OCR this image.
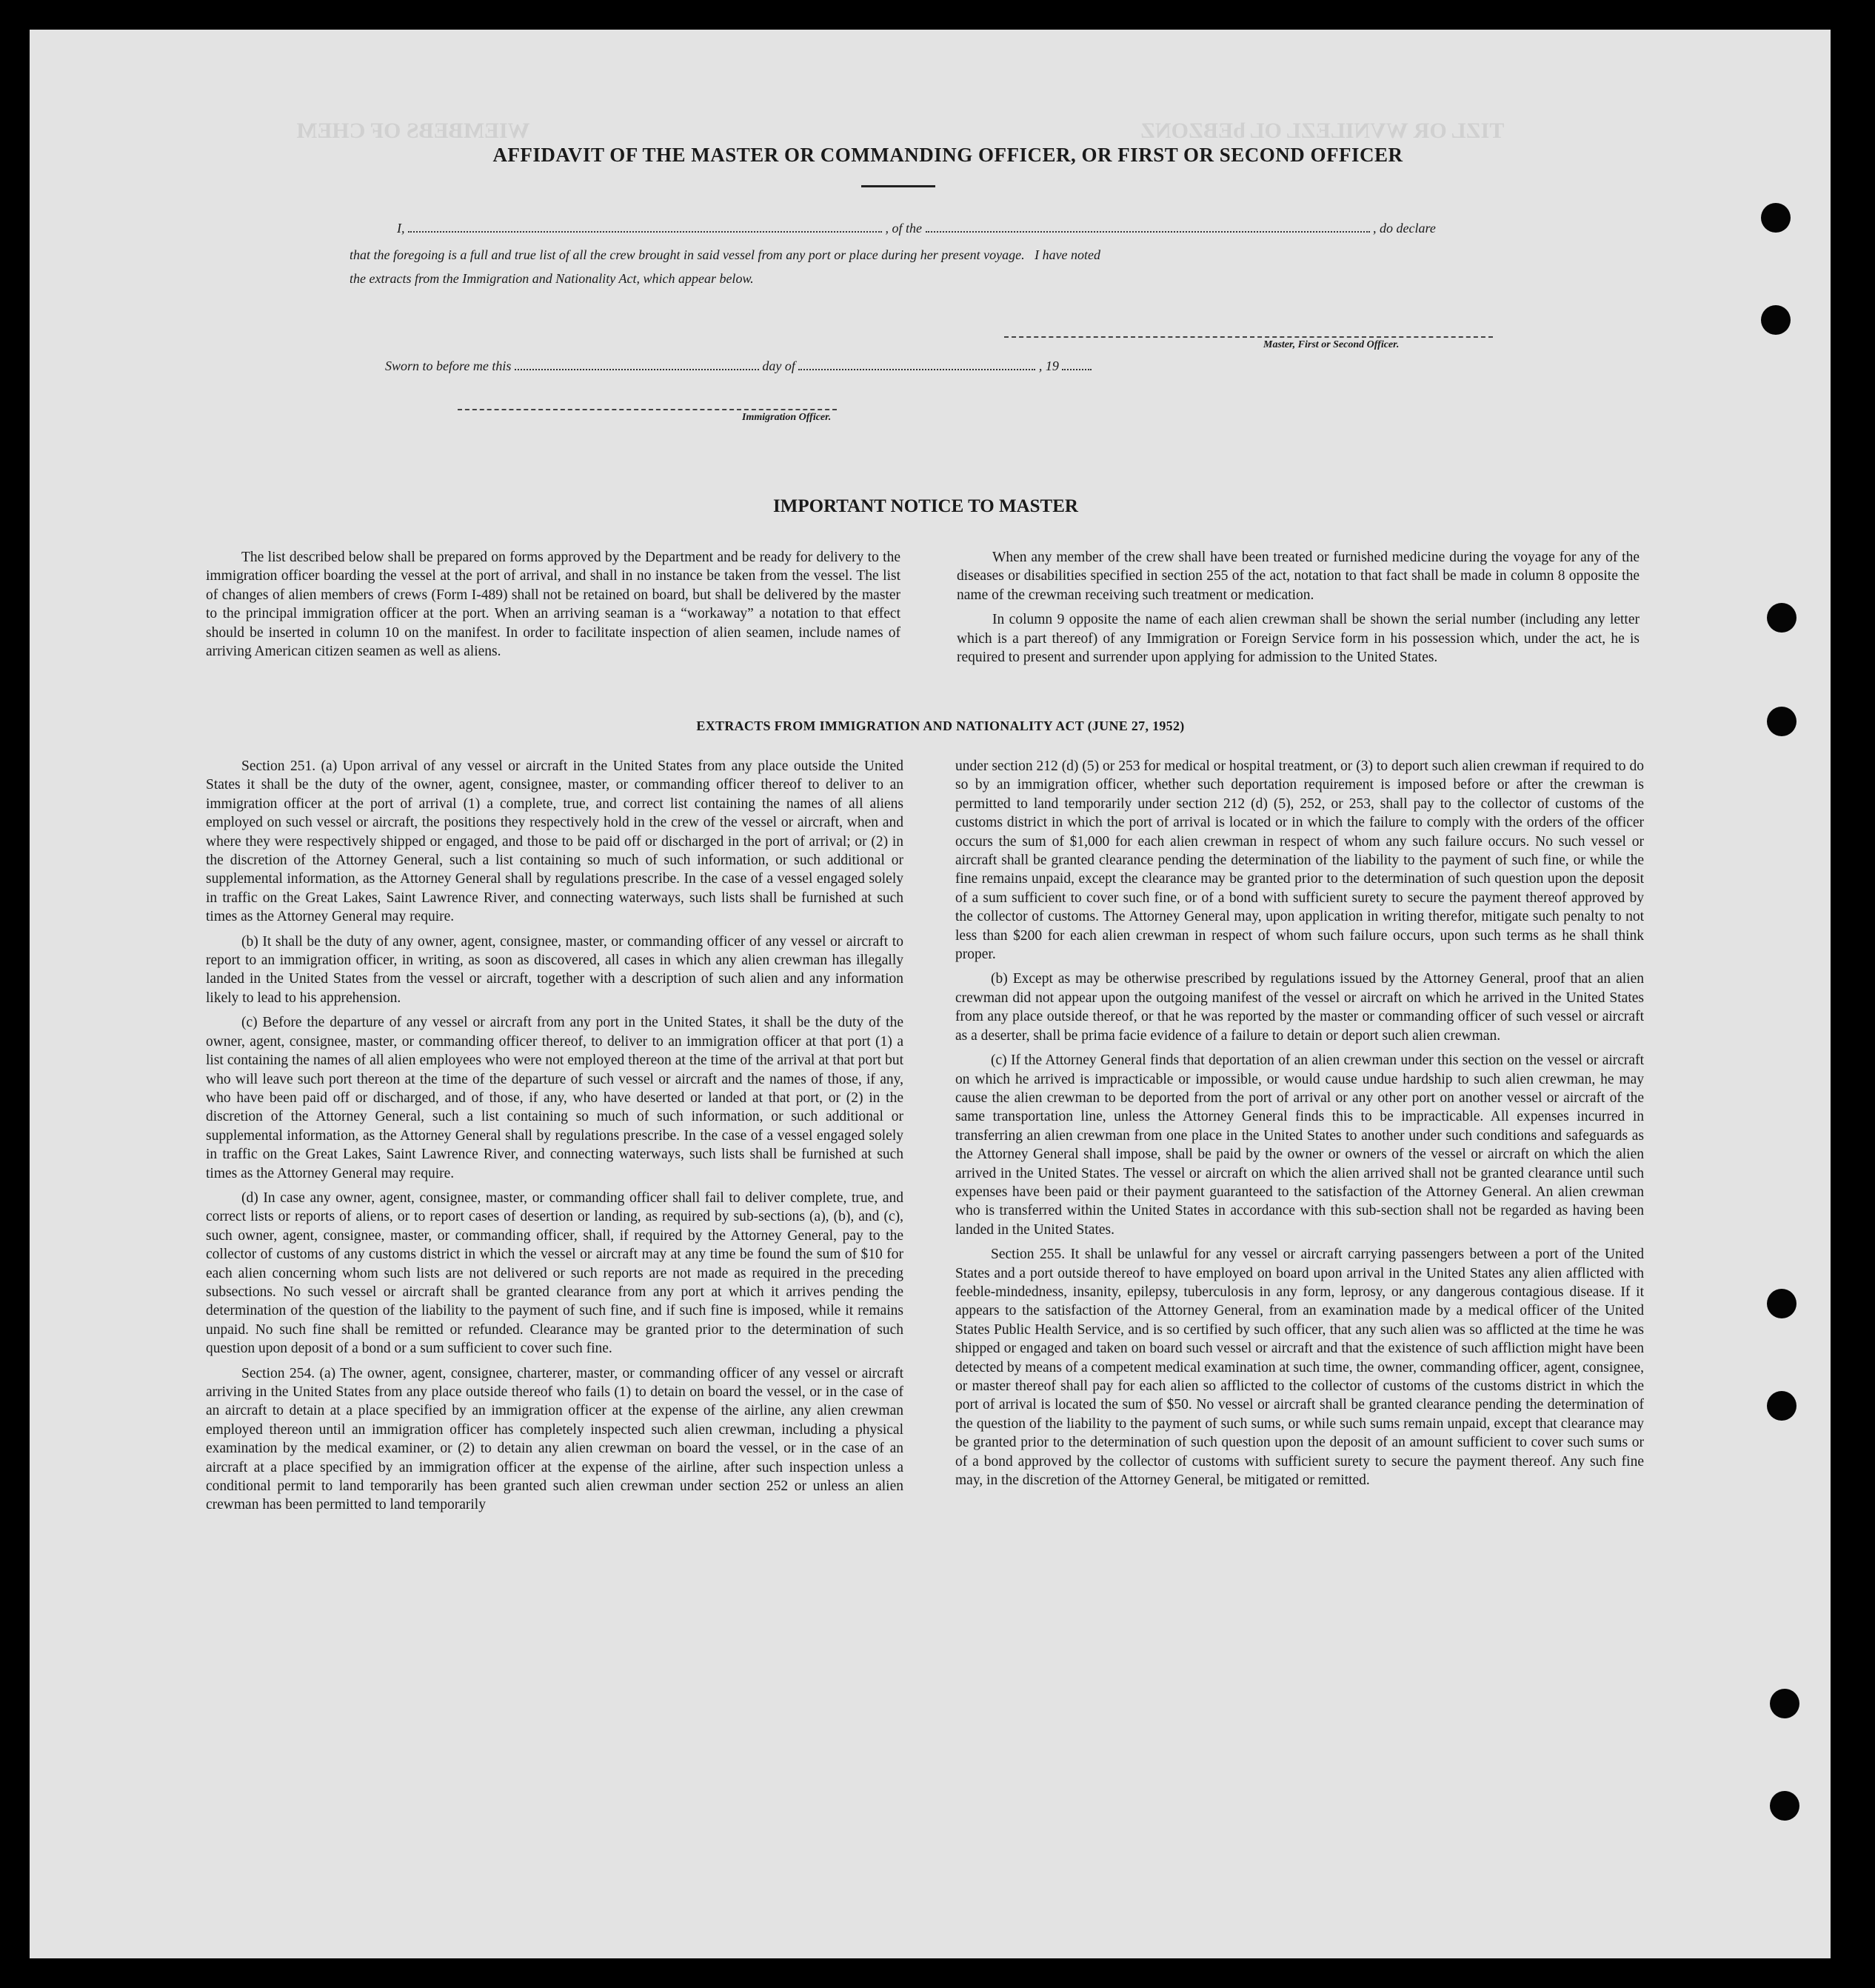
WIEMBEBS OF CHEM	TIZL OR WVNILEZL OL bEBZONZ
AFFIDAVIT OF THE MASTER OR COMMANDING OFFICER, OR FIRST OR SECOND OFFICER
I,	, of the	, do declare
that the foregoing is a full and true list of all the crew brought in said vessel from any port or place during her present voyage.   I have noted
the extracts from the Immigration and Nationality Act, which appear below.
Master, First or Second Officer.
Sworn to before me this	day of	, 19
Immigration Officer.
IMPORTANT NOTICE TO MASTER

The list described below shall be prepared on forms approved by the Department and be ready for delivery to the immigration officer boarding the vessel at the port of arrival, and shall in no instance be taken from the vessel. The list of changes of alien members of crews (Form I-489) shall not be retained on board, but shall be delivered by the master to the principal immigration officer at the port. When an arriving seaman is a “workaway” a notation to that effect should be inserted in column 10 on the manifest. In order to facilitate inspection of alien seamen, include names of arriving American citizen seamen as well as aliens.

When any member of the crew shall have been treated or furnished medicine during the voyage for any of the diseases or disabilities specified in section 255 of the act, notation to that fact shall be made in column 8 opposite the name of the crewman receiving such treatment or medication.

In column 9 opposite the name of each alien crewman shall be shown the serial number (including any letter which is a part thereof) of any Immigration or Foreign Service form in his possession which, under the act, he is required to present and surrender upon applying for admission to the United States.

EXTRACTS FROM IMMIGRATION AND NATIONALITY ACT (JUNE 27, 1952)

Section 251. (a) Upon arrival of any vessel or aircraft in the United States from any place outside the United States it shall be the duty of the owner, agent, consignee, master, or commanding officer thereof to deliver to an immigration officer at the port of arrival (1) a complete, true, and correct list containing the names of all aliens employed on such vessel or aircraft, the positions they respectively hold in the crew of the vessel or aircraft, when and where they were respectively shipped or engaged, and those to be paid off or discharged in the port of arrival; or (2) in the discretion of the Attorney General, such a list containing so much of such information, or such additional or supplemental information, as the Attorney General shall by regulations prescribe. In the case of a vessel engaged solely in traffic on the Great Lakes, Saint Lawrence River, and connecting waterways, such lists shall be furnished at such times as the Attorney General may require.

(b) It shall be the duty of any owner, agent, consignee, master, or commanding officer of any vessel or aircraft to report to an immigration officer, in writing, as soon as discovered, all cases in which any alien crewman has illegally landed in the United States from the vessel or aircraft, together with a description of such alien and any information likely to lead to his apprehension.

(c) Before the departure of any vessel or aircraft from any port in the United States, it shall be the duty of the owner, agent, consignee, master, or commanding officer thereof, to deliver to an immigration officer at that port (1) a list containing the names of all alien employees who were not employed thereon at the time of the arrival at that port but who will leave such port thereon at the time of the departure of such vessel or aircraft and the names of those, if any, who have been paid off or discharged, and of those, if any, who have deserted or landed at that port, or (2) in the discretion of the Attorney General, such a list containing so much of such information, or such additional or supplemental information, as the Attorney General shall by regulations prescribe. In the case of a vessel engaged solely in traffic on the Great Lakes, Saint Lawrence River, and connecting waterways, such lists shall be furnished at such times as the Attorney General may require.

(d) In case any owner, agent, consignee, master, or commanding officer shall fail to deliver complete, true, and correct lists or reports of aliens, or to report cases of desertion or landing, as required by sub-sections (a), (b), and (c), such owner, agent, consignee, master, or commanding officer, shall, if required by the Attorney General, pay to the collector of customs of any customs district in which the vessel or aircraft may at any time be found the sum of $10 for each alien concerning whom such lists are not delivered or such reports are not made as required in the preceding subsections. No such vessel or aircraft shall be granted clearance from any port at which it arrives pending the determination of the question of the liability to the payment of such fine, and if such fine is imposed, while it remains unpaid. No such fine shall be remitted or refunded. Clearance may be granted prior to the determination of such question upon deposit of a bond or a sum sufficient to cover such fine.

Section 254. (a) The owner, agent, consignee, charterer, master, or commanding officer of any vessel or aircraft arriving in the United States from any place outside thereof who fails (1) to detain on board the vessel, or in the case of an aircraft to detain at a place specified by an immigration officer at the expense of the airline, any alien crewman employed thereon until an immigration officer has completely inspected such alien crewman, including a physical examination by the medical examiner, or (2) to detain any alien crewman on board the vessel, or in the case of an aircraft at a place specified by an immigration officer at the expense of the airline, after such inspection unless a conditional permit to land temporarily has been granted such alien crewman under section 252 or unless an alien crewman has been permitted to land temporarily

under section 212 (d) (5) or 253 for medical or hospital treatment, or (3) to deport such alien crewman if required to do so by an immigration officer, whether such deportation requirement is imposed before or after the crewman is permitted to land temporarily under section 212 (d) (5), 252, or 253, shall pay to the collector of customs of the customs district in which the port of arrival is located or in which the failure to comply with the orders of the officer occurs the sum of $1,000 for each alien crewman in respect of whom any such failure occurs. No such vessel or aircraft shall be granted clearance pending the determination of the liability to the payment of such fine, or while the fine remains unpaid, except the clearance may be granted prior to the determination of such question upon the deposit of a sum sufficient to cover such fine, or of a bond with sufficient surety to secure the payment thereof approved by the collector of customs. The Attorney General may, upon application in writing therefor, mitigate such penalty to not less than $200 for each alien crewman in respect of whom such failure occurs, upon such terms as he shall think proper.

(b) Except as may be otherwise prescribed by regulations issued by the Attorney General, proof that an alien crewman did not appear upon the outgoing manifest of the vessel or aircraft on which he arrived in the United States from any place outside thereof, or that he was reported by the master or commanding officer of such vessel or aircraft as a deserter, shall be prima facie evidence of a failure to detain or deport such alien crewman.

(c) If the Attorney General finds that deportation of an alien crewman under this section on the vessel or aircraft on which he arrived is impracticable or impossible, or would cause undue hardship to such alien crewman, he may cause the alien crewman to be deported from the port of arrival or any other port on another vessel or aircraft of the same transportation line, unless the Attorney General finds this to be impracticable. All expenses incurred in transferring an alien crewman from one place in the United States to another under such conditions and safeguards as the Attorney General shall impose, shall be paid by the owner or owners of the vessel or aircraft on which the alien arrived in the United States. The vessel or aircraft on which the alien arrived shall not be granted clearance until such expenses have been paid or their payment guaranteed to the satisfaction of the Attorney General. An alien crewman who is transferred within the United States in accordance with this sub-section shall not be regarded as having been landed in the United States.

Section 255. It shall be unlawful for any vessel or aircraft carrying passengers between a port of the United States and a port outside thereof to have employed on board upon arrival in the United States any alien afflicted with feeble-mindedness, insanity, epilepsy, tuberculosis in any form, leprosy, or any dangerous contagious disease. If it appears to the satisfaction of the Attorney General, from an examination made by a medical officer of the United States Public Health Service, and is so certified by such officer, that any such alien was so afflicted at the time he was shipped or engaged and taken on board such vessel or aircraft and that the existence of such affliction might have been detected by means of a competent medical examination at such time, the owner, commanding officer, agent, consignee, or master thereof shall pay for each alien so afflicted to the collector of customs of the customs district in which the port of arrival is located the sum of $50. No vessel or aircraft shall be granted clearance pending the determination of the question of the liability to the payment of such sums, or while such sums remain unpaid, except that clearance may be granted prior to the determination of such question upon the deposit of an amount sufficient to cover such sums or of a bond approved by the collector of customs with sufficient surety to secure the payment thereof. Any such fine may, in the discretion of the Attorney General, be mitigated or remitted.
